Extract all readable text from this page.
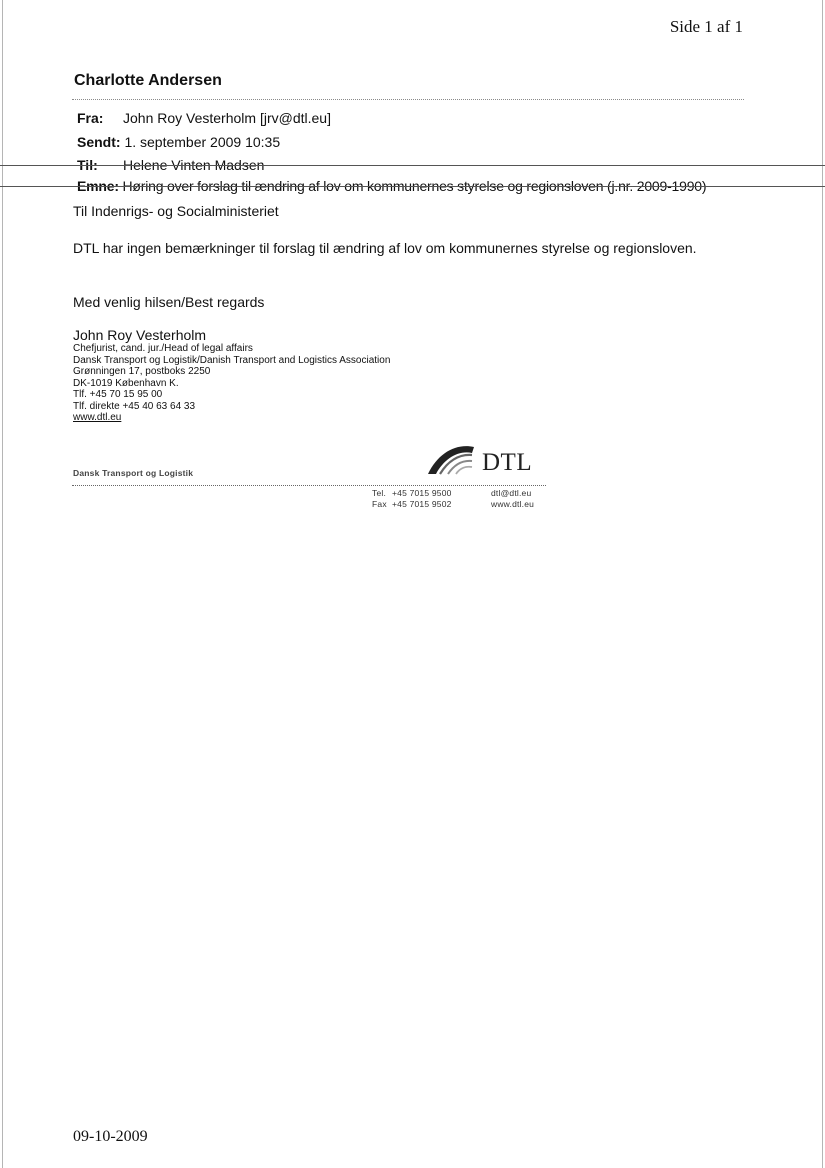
Side 1 af 1
Charlotte Andersen
Fra: John Roy Vesterholm [jrv@dtl.eu]
Sendt: 1. september 2009 10:35
Til: Helene Vinten Madsen
Emne: Høring over forslag til ændring af lov om kommunernes styrelse og regionsloven (j.nr. 2009-1990)
Til Indenrigs- og Socialministeriet
DTL har ingen bemærkninger til forslag til ændring af lov om kommunernes styrelse og regionsloven.
Med venlig hilsen/Best regards
John Roy Vesterholm
Chefjurist, cand. jur./Head of legal affairs
Dansk Transport og Logistik/Danish Transport and Logistics Association
Grønningen 17, postboks 2250
DK-1019 København K.
Tlf. +45 70 15 95 00
Tlf. direkte +45 40 63 64 33
www.dtl.eu
Dansk Transport og Logistik	DTL
Tel. +45 7015 9500
Fax +45 7015 9502
dtl@dtl.eu
www.dtl.eu
09-10-2009
